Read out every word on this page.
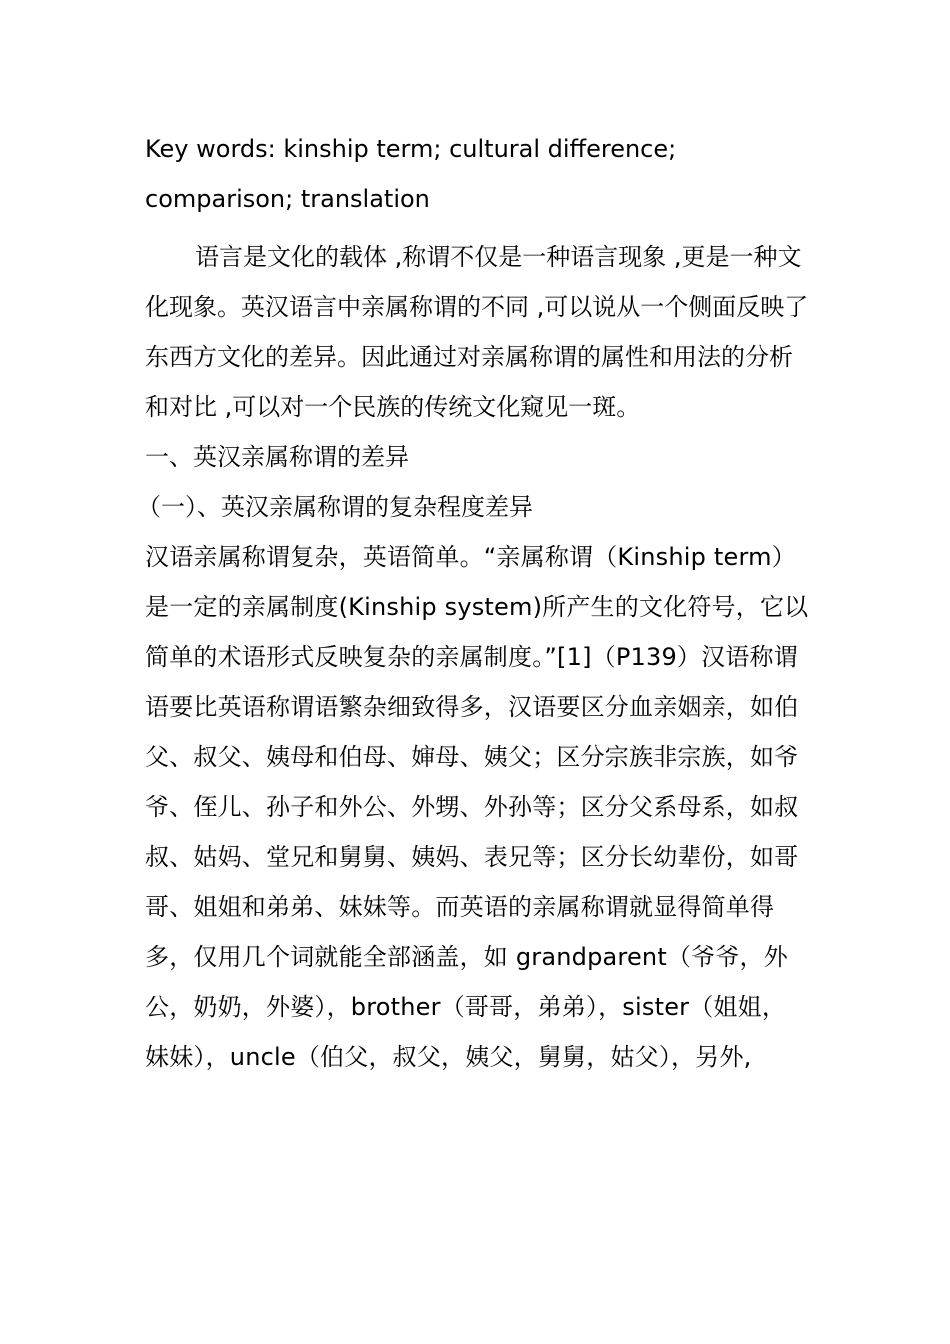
Key words: kinship term; cultural difference; comparison; translation

语言是文化的载体 ,称谓不仅是一种语言现象 ,更是一种文化现象。英汉语言中亲属称谓的不同 ,可以说从一个侧面反映了东西方文化的差异。因此通过对亲属称谓的属性和用法的分析和对比 ,可以对一个民族的传统文化窥见一斑。

一、英汉亲属称谓的差异

（一）、英汉亲属称谓的复杂程度差异

汉语亲属称谓复杂，英语简单。“亲属称谓（Kinship term）是一定的亲属制度(Kinship system)所产生的文化符号，它以简单的术语形式反映复杂的亲属制度。”[1]（P139）汉语称谓语要比英语称谓语繁杂细致得多，汉语要区分血亲姻亲，如伯父、叔父、姨母和伯母、婶母、姨父；区分宗族非宗族，如爷爷、侄儿、孙子和外公、外甥、外孙等；区分父系母系，如叔叔、姑妈、堂兄和舅舅、姨妈、表兄等；区分长幼辈份，如哥哥、姐姐和弟弟、妹妹等。而英语的亲属称谓就显得简单得多，仅用几个词就能全部涵盖，如 grandparent（爷爷，外公，奶奶，外婆），brother（哥哥，弟弟），sister（姐姐，妹妹），uncle（伯父，叔父，姨父，舅舅，姑父），另外,
